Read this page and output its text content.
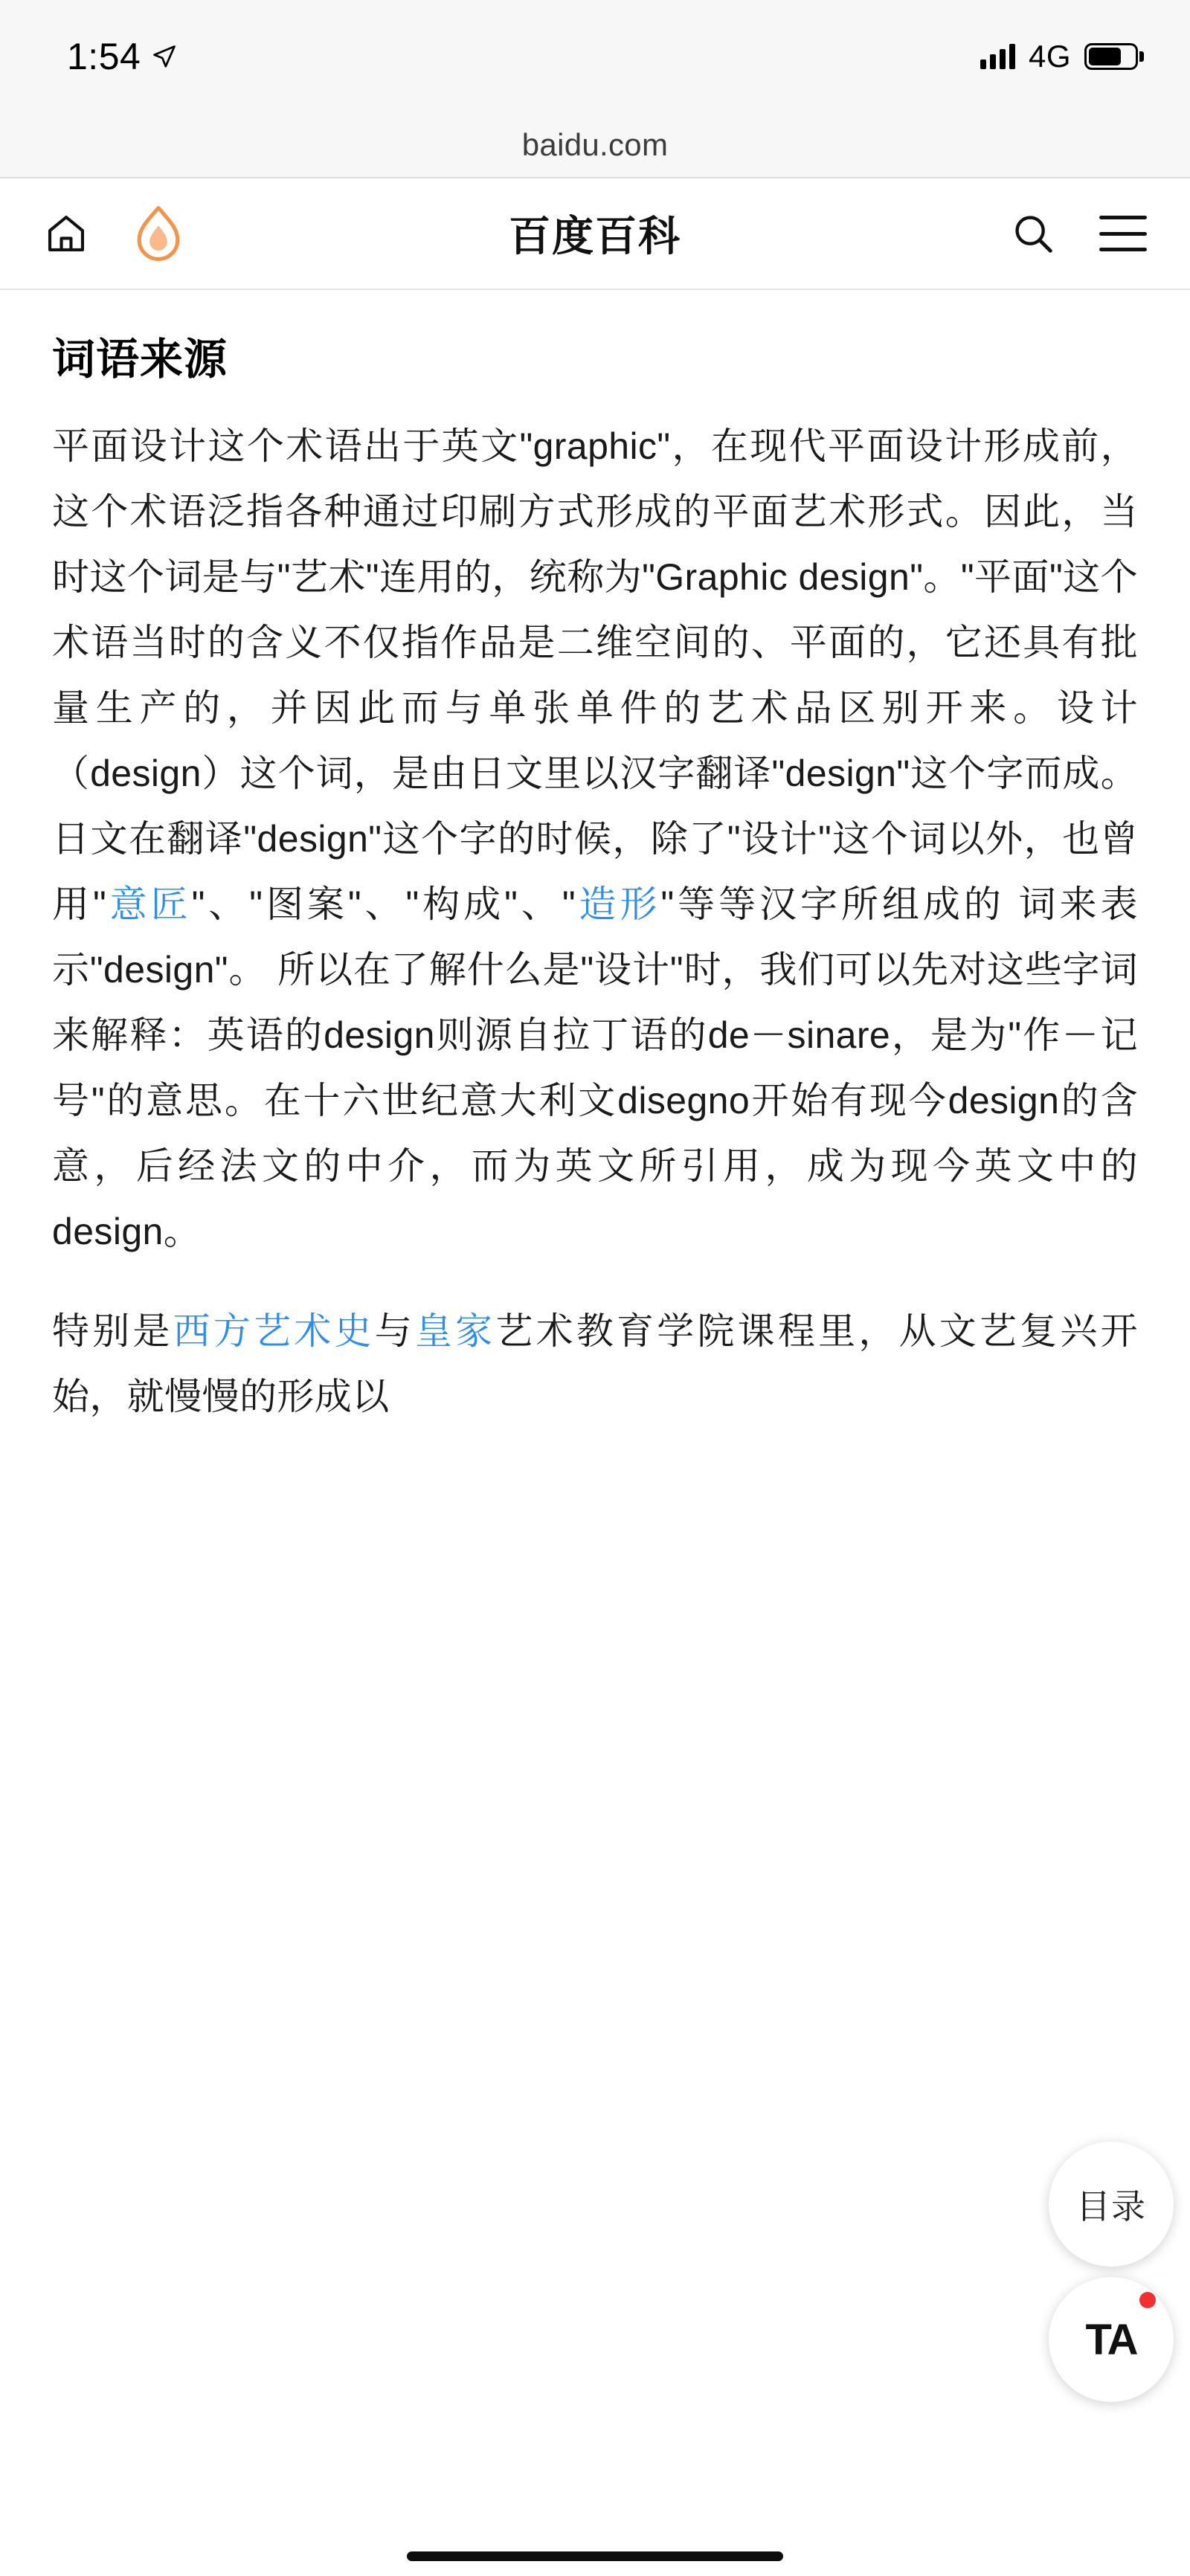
1:54	4G
baidu.com
百度百科
词语来源

平面设计这个术语出于英文"graphic"，在现代平面设计形成前，这个术语泛指各种通过印刷方式形成的平面艺术形式。因此，当时这个词是与"艺术"连用的，统称为"Graphic design"。"平面"这个术语当时的含义不仅指作品是二维空间的、平面的，它还具有批量生产的，并因此而与单张单件的艺术品区别开来。设计（design）这个词，是由日文里以汉字翻译"design"这个字而成。日文在翻译"design"这个字的时候，除了"设计"这个词以外，也曾用"意匠"、"图案"、"构成"、"造形"等等汉字所组成的 词来表示"design"。 所以在了解什么是"设计"时，我们可以先对这些字词来解释：英语的design则源自拉丁语的de－sinare，是为"作－记号"的意思。在十六世纪意大利文disegno开始有现今design的含意，后经法文的中介，而为英文所引用，成为现今英文中的design。

特别是西方艺术史与皇家艺术教育学院课程里，从文艺复兴开始，就慢慢的形成以

目录
TA
